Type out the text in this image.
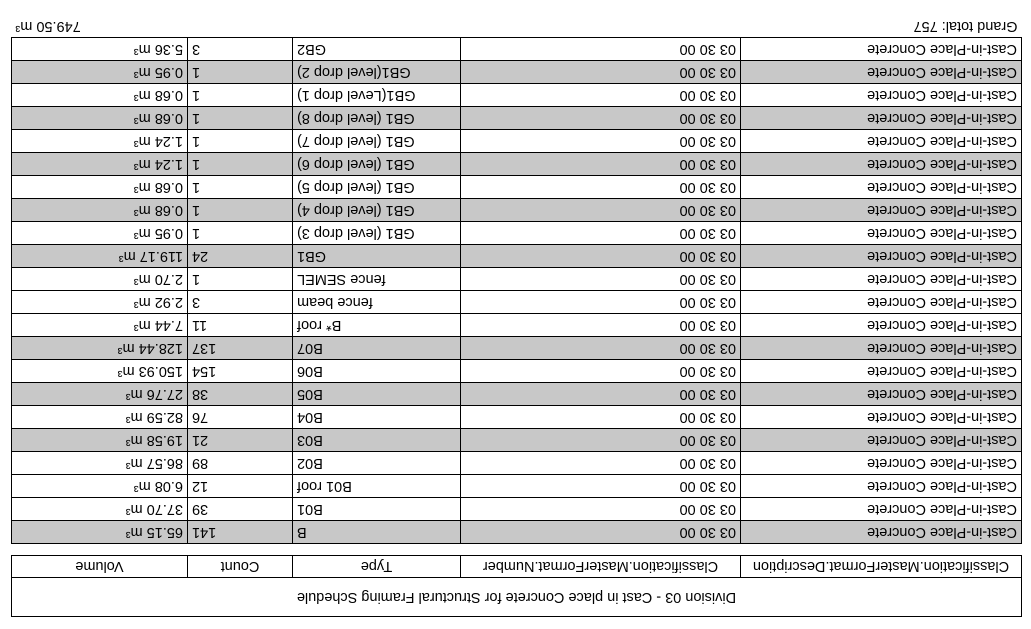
Division 03 - Cast in place Concrete for Structural Framing Schedule				
Classification.MasterFormat.Description	Classification.MasterFormat.Number	Type	Count	Volume

Cast-in-Place Concrete	03 30 00	B	141	65.15 m³
Cast-in-Place Concrete	03 30 00	B01	39	37.70 m³
Cast-in-Place Concrete	03 30 00	B01 roof	12	6.08 m³
Cast-in-Place Concrete	03 30 00	B02	89	86.57 m³
Cast-in-Place Concrete	03 30 00	B03	21	19.58 m³
Cast-in-Place Concrete	03 30 00	B04	76	82.59 m³
Cast-in-Place Concrete	03 30 00	B05	38	27.76 m³
Cast-in-Place Concrete	03 30 00	B06	154	150.93 m³
Cast-in-Place Concrete	03 30 00	B07	137	128.44 m³
Cast-in-Place Concrete	03 30 00	B* roof	11	7.44 m³
Cast-in-Place Concrete	03 30 00	fence beam	3	2.92 m³
Cast-in-Place Concrete	03 30 00	fence SEMEL	1	2.70 m³
Cast-in-Place Concrete	03 30 00	GB1	24	119.17 m³
Cast-in-Place Concrete	03 30 00	GB1 (level drop 3)	1	0.95 m³
Cast-in-Place Concrete	03 30 00	GB1 (level drop 4)	1	0.68 m³
Cast-in-Place Concrete	03 30 00	GB1 (level drop 5)	1	0.68 m³
Cast-in-Place Concrete	03 30 00	GB1 (level drop 6)	1	1.24 m³
Cast-in-Place Concrete	03 30 00	GB1 (level drop 7)	1	1.24 m³
Cast-in-Place Concrete	03 30 00	GB1 (level drop 8)	1	0.68 m³
Cast-in-Place Concrete	03 30 00	GB1(Level drop 1)	1	0.68 m³
Cast-in-Place Concrete	03 30 00	GB1(level drop 2)	1	0.95 m³
Cast-in-Place Concrete	03 30 00	GB2	3	5.36 m³
Grand total: 757				749.50 m³
